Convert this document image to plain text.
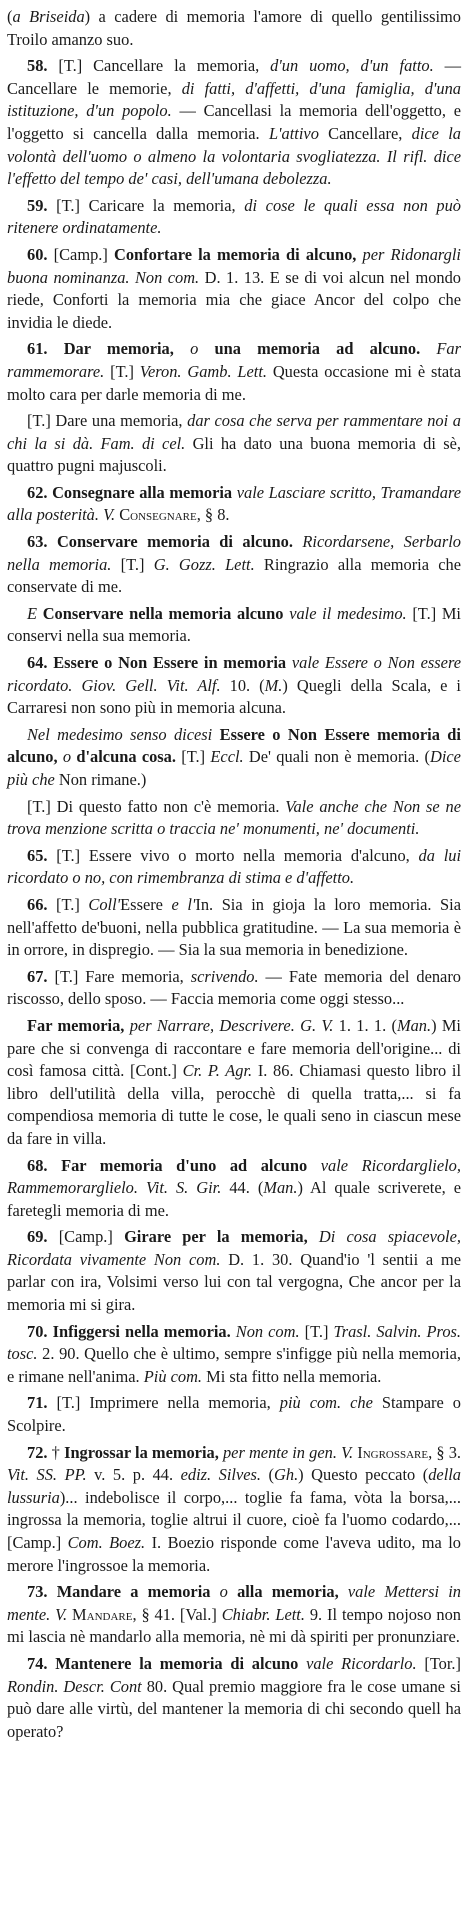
(a Briseida) a cadere di memoria l'amore di quello gentilissimo Troilo amanzo suo.

58. [T.] Cancellare la memoria, d'un uomo, d'un fatto. — Cancellare le memorie, di fatti, d'affetti, d'una famiglia, d'una istituzione, d'un popolo. — Cancellasi la memoria dell'oggetto, e l'oggetto si cancella dalla memoria. L'attivo Cancellare, dice la volontà dell'uomo o almeno la volontaria svogliatezza. Il rifl. dice l'effetto del tempo de' casi, dell'umana debolezza.

59. [T.] Caricare la memoria, di cose le quali essa non può ritenere ordinatamente.

60. [Camp.] Confortare la memoria di alcuno, per Ridonargli buona nominanza. Non com. D. 1. 13. E se di voi alcun nel mondo riede, Conforti la memoria mia che giace Ancor del colpo che invidia le diede.

61. Dar memoria, o una memoria ad alcuno. Far rammemorare. [T.] Veron. Gamb. Lett. Questa occasione mi è stata molto cara per darle memoria di me.

[T.] Dare una memoria, dar cosa che serva per rammentare noi a chi la si dà. Fam. di cel. Gli ha dato una buona memoria di sè, quattro pugni majuscoli.

62. Consegnare alla memoria vale Lasciare scritto, Tramandare alla posterità. V. Consegnare, § 8.

63. Conservare memoria di alcuno. Ricordarsene, Serbarlo nella memoria. [T.] G. Gozz. Lett. Ringrazio alla memoria che conservate di me.

E Conservare nella memoria alcuno vale il medesimo. [T.] Mi conservi nella sua memoria.

64. Essere o Non Essere in memoria vale Essere o Non essere ricordato. Giov. Gell. Vit. Alf. 10. (M.) Quegli della Scala, e i Carraresi non sono più in memoria alcuna.

Nel medesimo senso dicesi Essere o Non Essere memoria di alcuno, o d'alcuna cosa. [T.] Eccl. De' quali non è memoria. (Dice più che Non rimane.)

[T.] Di questo fatto non c'è memoria. Vale anche che Non se ne trova menzione scritta o traccia ne' monumenti, ne' documenti.

65. [T.] Essere vivo o morto nella memoria d'alcuno, da lui ricordato o no, con rimembranza di stima e d'affetto.

66. [T.] Coll'Essere e l'In. Sia in gioja la loro memoria. Sia nell'affetto de'buoni, nella pubblica gratitudine. — La sua memoria è in orrore, in dispregio. — Sia la sua memoria in benedizione.

67. [T.] Fare memoria, scrivendo. — Fate memoria del denaro riscosso, dello sposo. — Faccia memoria come oggi stesso...

Far memoria, per Narrare, Descrivere. G. V. 1. 1. 1. (Man.) Mi pare che si convenga di raccontare e fare memoria dell'origine... di così famosa città. [Cont.] Cr. P. Agr. I. 86. Chiamasi questo libro il libro dell'utilità della villa, perocchè di quella tratta,... si fa compendiosa memoria di tutte le cose, le quali seno in ciascun mese da fare in villa.

68. Far memoria d'uno ad alcuno vale Ricordarglielo, Rammemorarglielo. Vit. S. Gir. 44. (Man.) Al quale scriverete, e faretegli memoria di me.

69. [Camp.] Girare per la memoria, Di cosa spiacevole, Ricordata vivamente Non com. D. 1. 30. Quand'io 'l sentii a me parlar con ira, Volsimi verso lui con tal vergogna, Che ancor per la memoria mi si gira.

70. Infiggersi nella memoria. Non com. [T.] Trasl. Salvin. Pros. tosc. 2. 90. Quello che è ultimo, sempre s'infigge più nella memoria, e rimane nell'anima. Più com. Mi sta fitto nella memoria.

71. [T.] Imprimere nella memoria, più com. che Stampare o Scolpire.

72. † Ingrossar la memoria, per mente in gen. V. Ingrossare, § 3. Vit. SS. PP. v. 5. p. 44. ediz. Silves. (Gh.) Questo peccato (della lussuria)... indebolisce il corpo,... toglie fa fama, vòta la borsa,... ingrossa la memoria, toglie altrui il cuore, cioè fa l'uomo codardo,... [Camp.] Com. Boez. I. Boezio risponde come l'aveva udito, ma lo merore l'ingrossoe la memoria.

73. Mandare a memoria o alla memoria, vale Mettersi in mente. V. Mandare, § 41. [Val.] Chiabr. Lett. 9. Il tempo nojoso non mi lascia nè mandarlo alla memoria, nè mi dà spiriti per pronunziare.

74. Mantenere la memoria di alcuno vale Ricordarlo. [Tor.] Rondin. Descr. Cont 80. Qual premio maggiore fra le cose umane si può dare alle virtù, del mantener la memoria di chi secondo quell ha operato?
